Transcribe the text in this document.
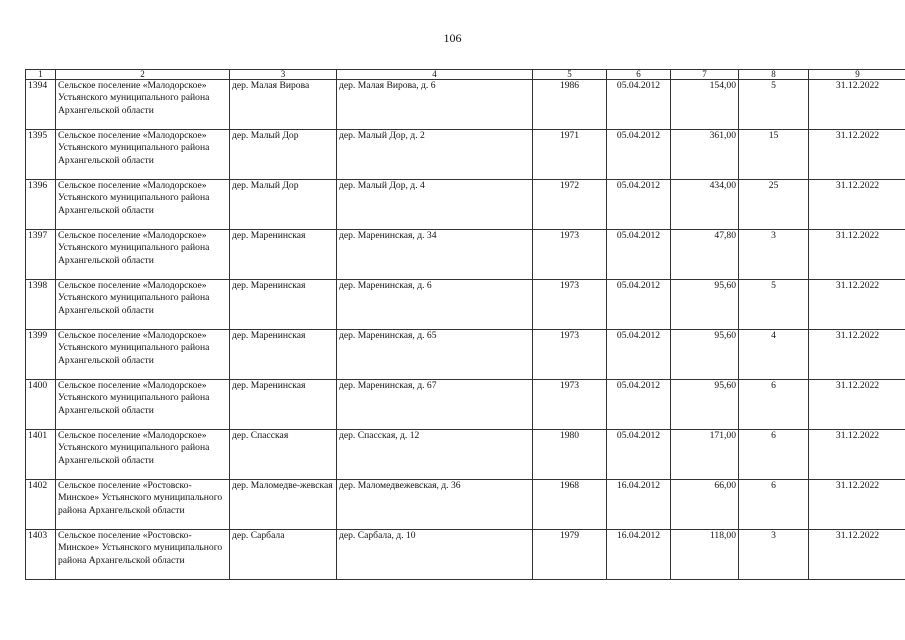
106
1	2	3	4	5	6	7	8	9
1394	Сельское поселение «Малодорское» Устьянского муниципального района Архангельской области	дер. Малая Вирова	дер. Малая Вирова, д. 6	1986	05.04.2012	154,00	5	31.12.2022
1395	Сельское поселение «Малодорское» Устьянского муниципального района Архангельской области	дер. Малый Дор	дер. Малый Дор, д. 2	1971	05.04.2012	361,00	15	31.12.2022
1396	Сельское поселение «Малодорское» Устьянского муниципального района Архангельской области	дер. Малый Дор	дер. Малый Дор, д. 4	1972	05.04.2012	434,00	25	31.12.2022
1397	Сельское поселение «Малодорское» Устьянского муниципального района Архангельской области	дер. Маренинская	дер. Маренинская, д. 34	1973	05.04.2012	47,80	3	31.12.2022
1398	Сельское поселение «Малодорское» Устьянского муниципального района Архангельской области	дер. Маренинская	дер. Маренинская, д. 6	1973	05.04.2012	95,60	5	31.12.2022
1399	Сельское поселение «Малодорское» Устьянского муниципального района Архангельской области	дер. Маренинская	дер. Маренинская, д. 65	1973	05.04.2012	95,60	4	31.12.2022
1400	Сельское поселение «Малодорское» Устьянского муниципального района Архангельской области	дер. Маренинская	дер. Маренинская, д. 67	1973	05.04.2012	95,60	6	31.12.2022
1401	Сельское поселение «Малодорское» Устьянского муниципального района Архангельской области	дер. Спасская	дер. Спасская, д. 12	1980	05.04.2012	171,00	6	31.12.2022
1402	Сельское поселение «Ростовско-Минское» Устьянского муниципального района Архангельской области	дер. Маломедве-жевская	дер. Маломедвежевская, д. 36	1968	16.04.2012	66,00	6	31.12.2022
1403	Сельское поселение «Ростовско-Минское» Устьянского муниципального района Архангельской области	дер. Сарбала	дер. Сарбала, д. 10	1979	16.04.2012	118,00	3	31.12.2022
